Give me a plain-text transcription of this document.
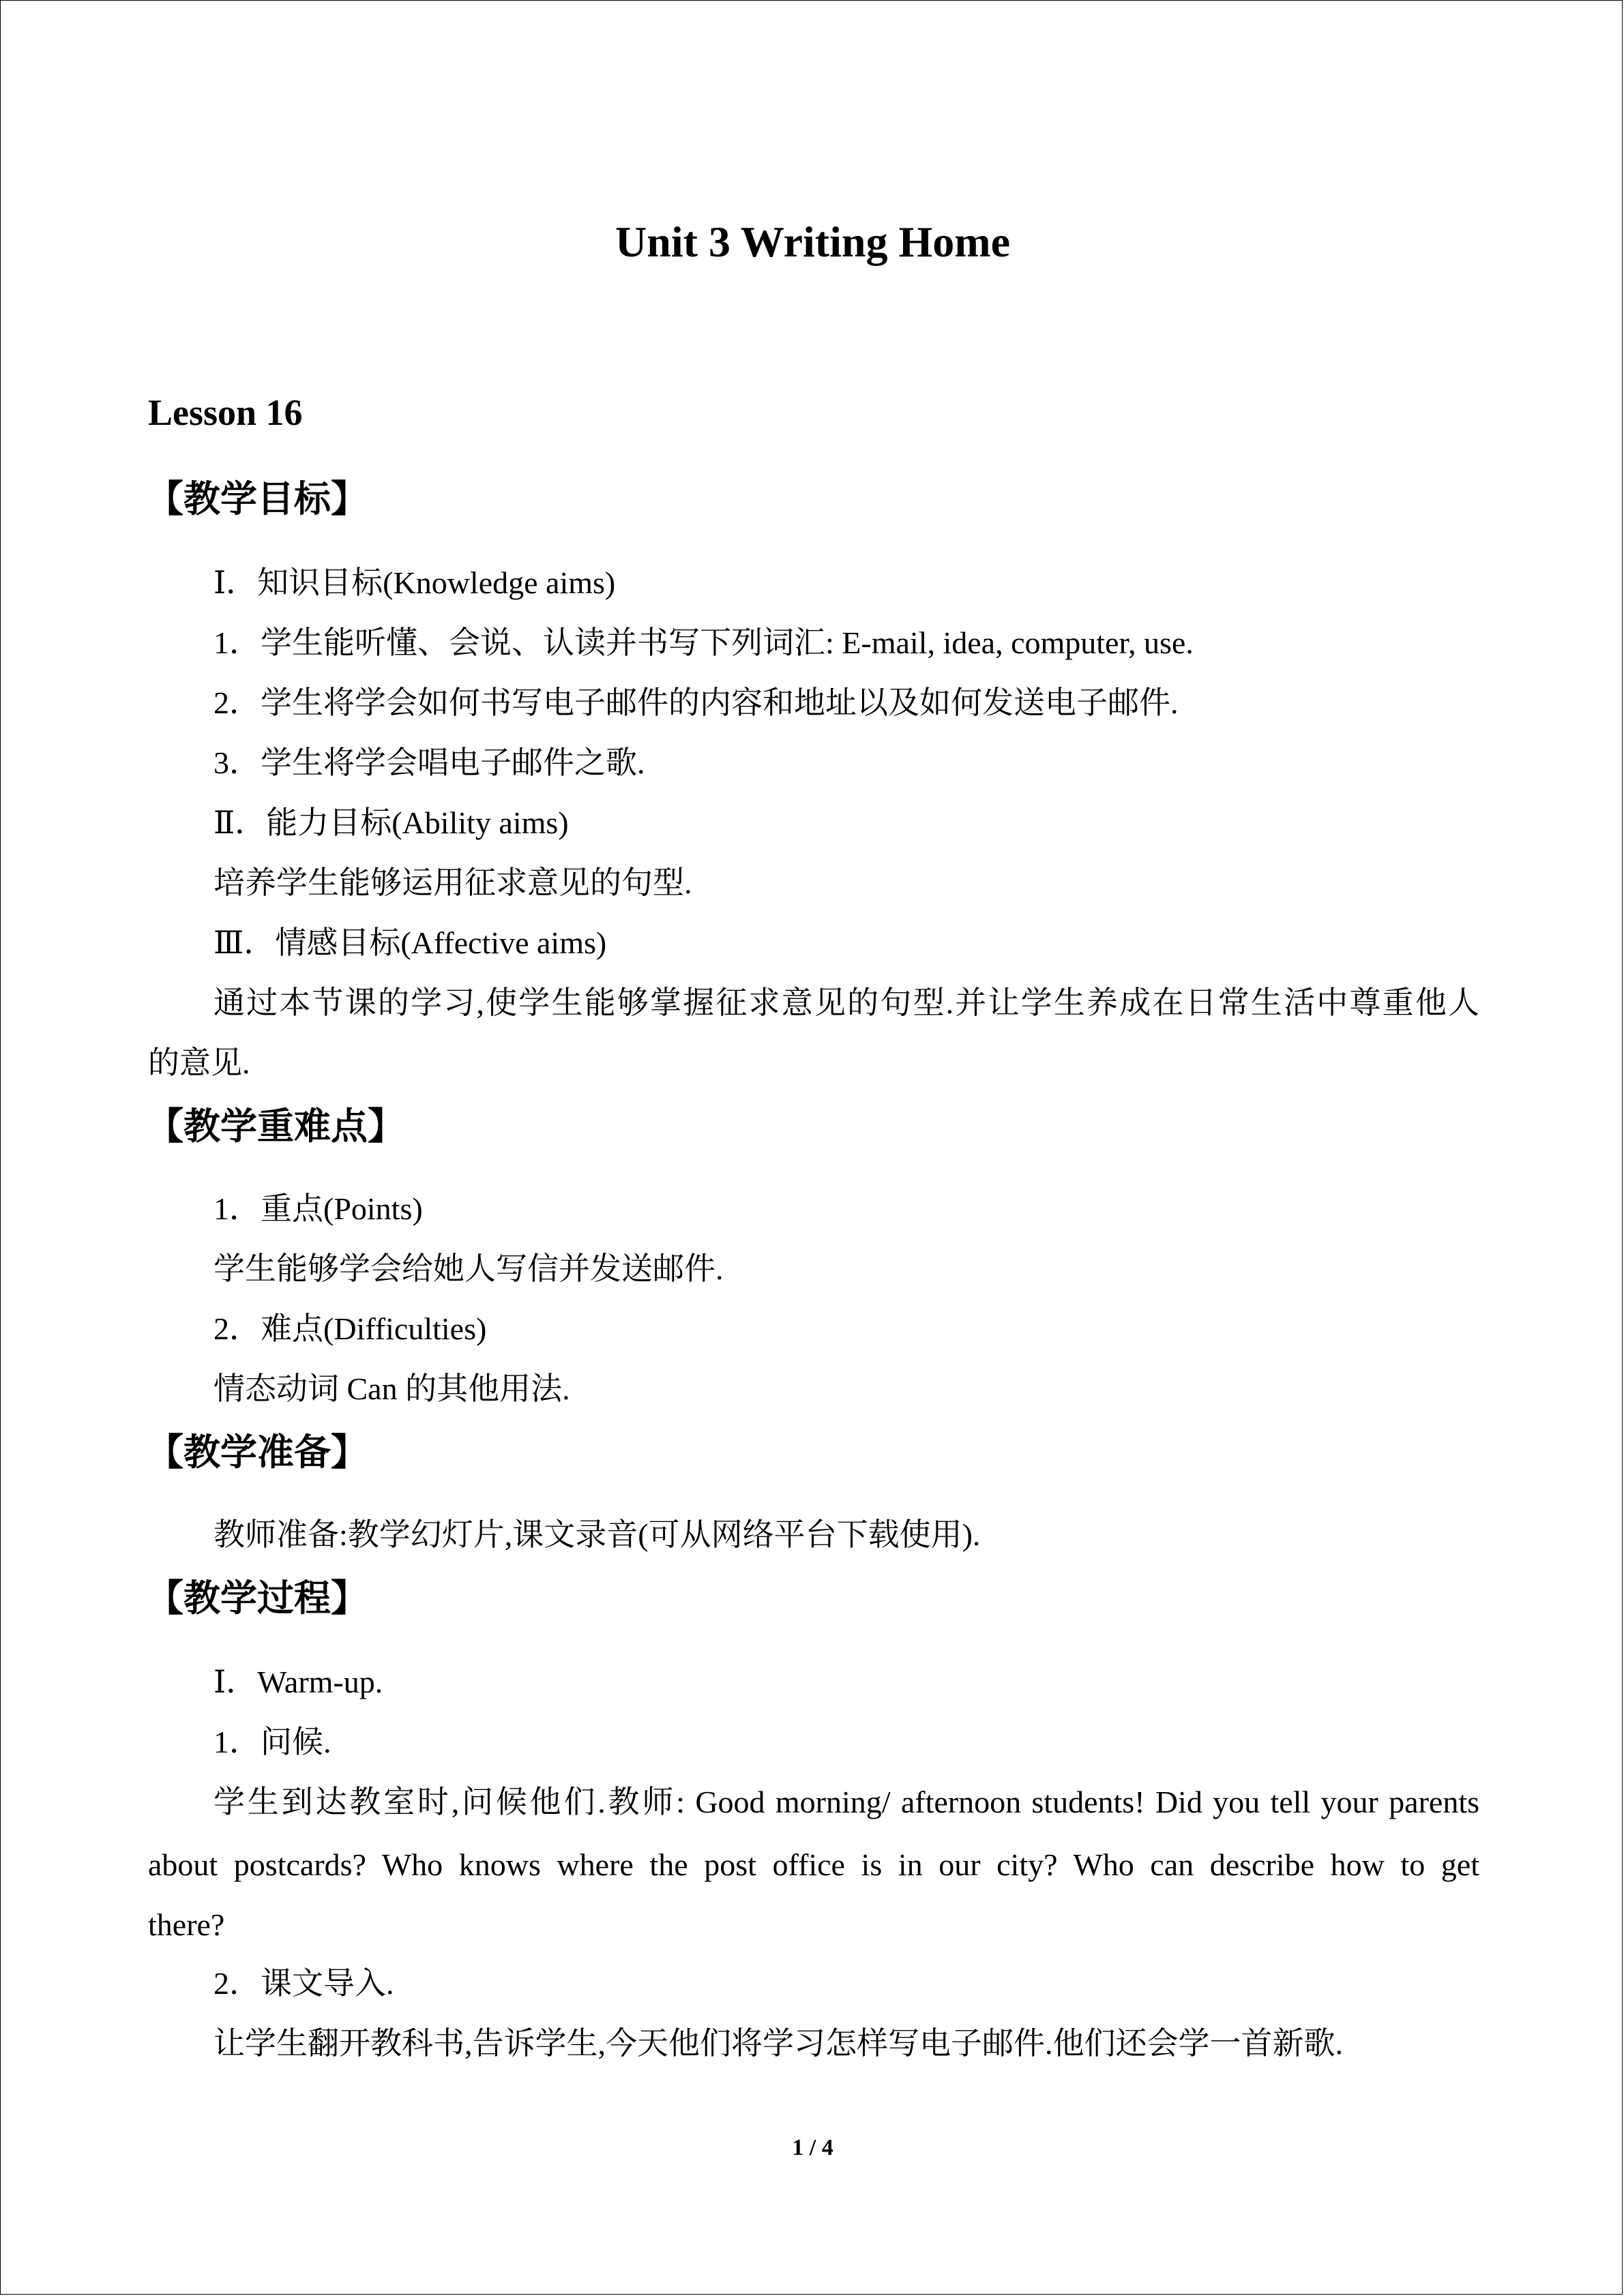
Unit 3 Writing Home
Lesson 16
【教学目标】
Ⅰ．知识目标(Knowledge aims)
1．学生能听懂、会说、认读并书写下列词汇: E-mail, idea, computer, use.
2．学生将学会如何书写电子邮件的内容和地址以及如何发送电子邮件.
3．学生将学会唱电子邮件之歌.
Ⅱ．能力目标(Ability aims)
培养学生能够运用征求意见的句型.
Ⅲ．情感目标(Affective aims)
通过本节课的学习,使学生能够掌握征求意见的句型.并让学生养成在日常生活中尊重他人
的意见.
【教学重难点】
1．重点(Points)
学生能够学会给她人写信并发送邮件.
2．难点(Difficulties)
情态动词 Can 的其他用法.
【教学准备】
教师准备:教学幻灯片,课文录音(可从网络平台下载使用).
【教学过程】
Ⅰ．Warm-up.
1．问候.
学生到达教室时,问候他们.教师: Good morning/ afternoon students! Did you tell your parents
about postcards? Who knows where the post office is in our city? Who can describe how to get
there?
2．课文导入.
让学生翻开教科书,告诉学生,今天他们将学习怎样写电子邮件.他们还会学一首新歌.
1 / 4
